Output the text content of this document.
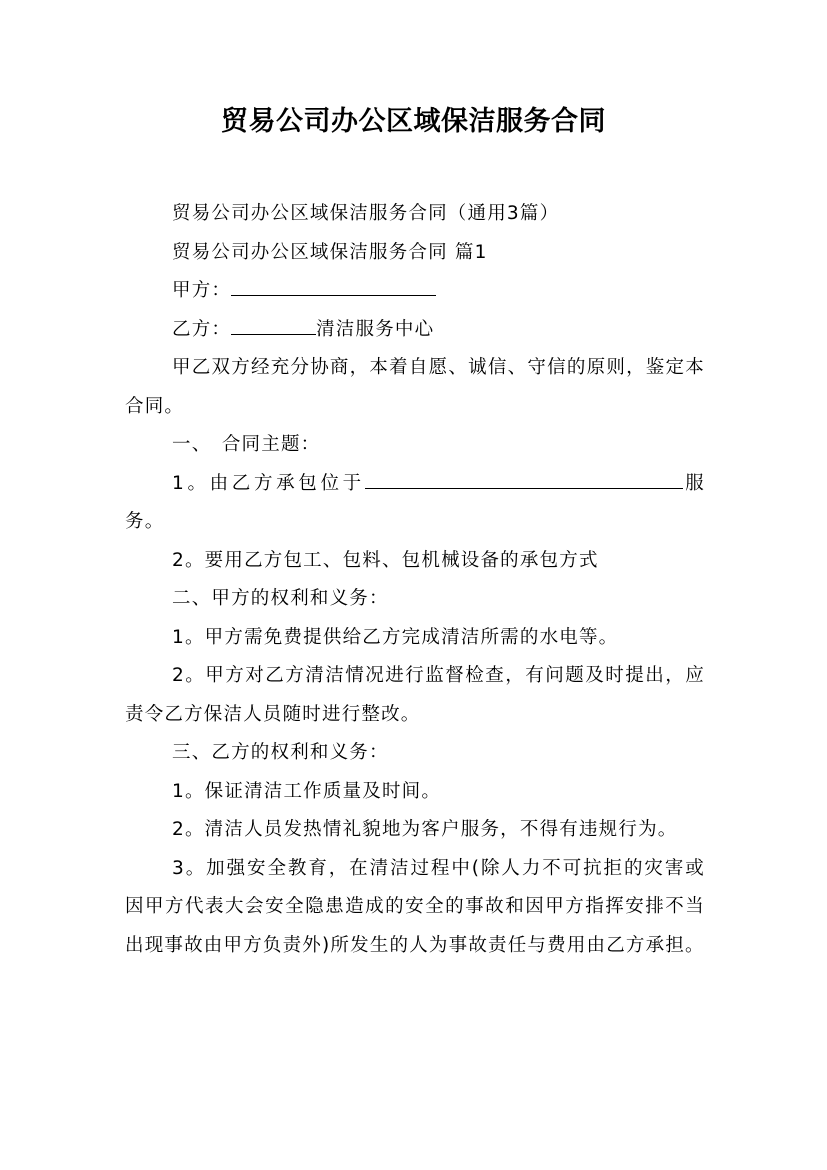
贸易公司办公区域保洁服务合同

贸易公司办公区域保洁服务合同（通用3篇）

贸易公司办公区域保洁服务合同 篇1

甲方：

乙方：	清洁服务中心

甲乙双方经充分协商，本着自愿、诚信、守信的原则，鉴定本合同。

一、　合同主题：

1。由乙方承包位于	服务。

2。要用乙方包工、包料、包机械设备的承包方式

二、甲方的权利和义务：

1。甲方需免费提供给乙方完成清洁所需的水电等。

2。甲方对乙方清洁情况进行监督检查，有问题及时提出，应责令乙方保洁人员随时进行整改。

三、乙方的权利和义务：

1。保证清洁工作质量及时间。

2。清洁人员发热情礼貌地为客户服务，不得有违规行为。

3。加强安全教育，在清洁过程中(除人力不可抗拒的灾害或因甲方代表大会安全隐患造成的安全的事故和因甲方指挥安排不当出现事故由甲方负责外)所发生的人为事故责任与费用由乙方承担。
